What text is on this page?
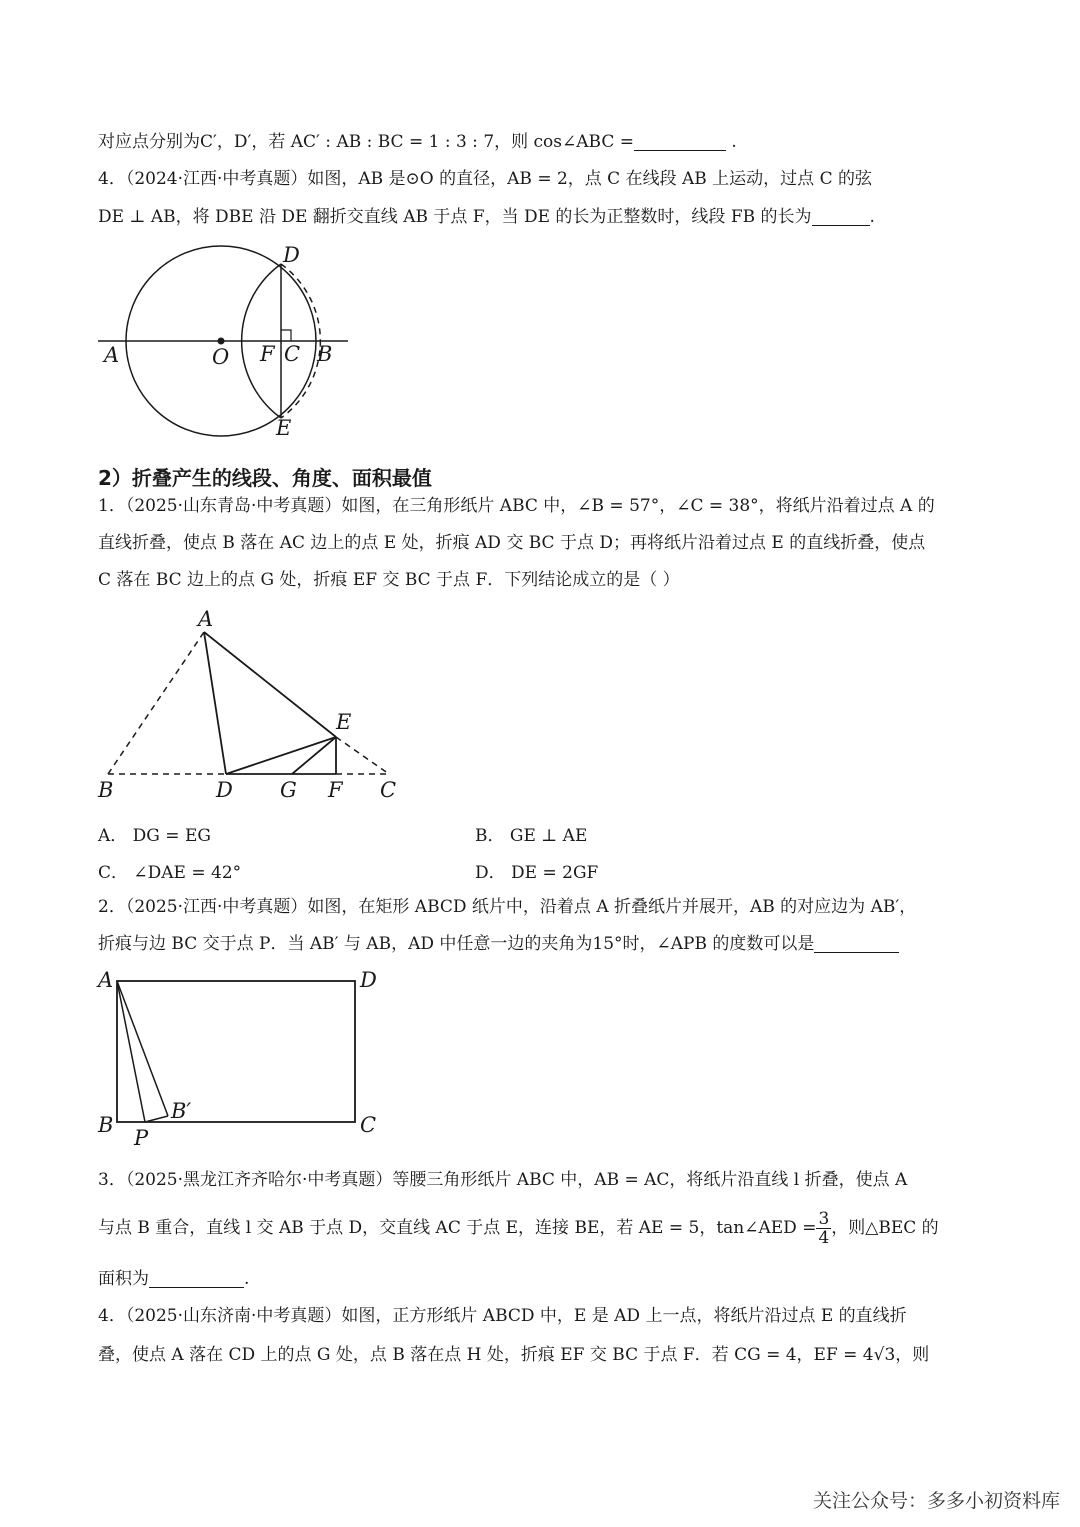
对应点分别为C′，D′，若 AC′ : AB : BC = 1 : 3 : 7，则 cos∠ABC =	.
4．（2024·江西·中考真题）如图，AB 是⊙O 的直径，AB = 2，点 C 在线段 AB 上运动，过点 C 的弦
DE ⊥ AB，将 DBE 沿 DE 翻折交直线 AB 于点 F，当 DE 的长为正整数时，线段 FB 的长为	.
A	O F C B
D
E
2）折叠产生的线段、角度、面积最值
1．（2025·山东青岛·中考真题）如图，在三角形纸片 ABC 中，∠B = 57°，∠C = 38°，将纸片沿着过点 A 的
直线折叠，使点 B 落在 AC 边上的点 E 处，折痕 AD 交 BC 于点 D；再将纸片沿着过点 E 的直线折叠，使点
C 落在 BC 边上的点 G 处，折痕 EF 交 BC 于点 F．下列结论成立的是（ ）
A
E
B	D G F C
A． DG = EG	B． GE ⊥ AE
C． ∠DAE = 42°	D． DE = 2GF
2．（2025·江西·中考真题）如图，在矩形 ABCD 纸片中，沿着点 A 折叠纸片并展开，AB 的对应边为 AB′，
折痕与边 BC 交于点 P．当 AB′ 与 AB，AD 中任意一边的夹角为15°时，∠APB 的度数可以是
A	D
B
B′
P
C
3．（2025·黑龙江齐齐哈尔·中考真题）等腰三角形纸片 ABC 中，AB = AC，将纸片沿直线 l 折叠，使点 A
与点 B 重合，直线 l 交 AB 于点 D，交直线 AC 于点 E，连接 BE，若 AE = 5，tan∠AED = $\frac{3}{4}$ ，则△BEC 的
面积为	.
4．（2025·山东济南·中考真题）如图，正方形纸片 ABCD 中，E 是 AD 上一点，将纸片沿过点 E 的直线折
叠，使点 A 落在 CD 上的点 G 处，点 B 落在点 H 处，折痕 EF 交 BC 于点 F．若 CG = 4，EF = 4√3，则
关注公众号：多多小初资料库
